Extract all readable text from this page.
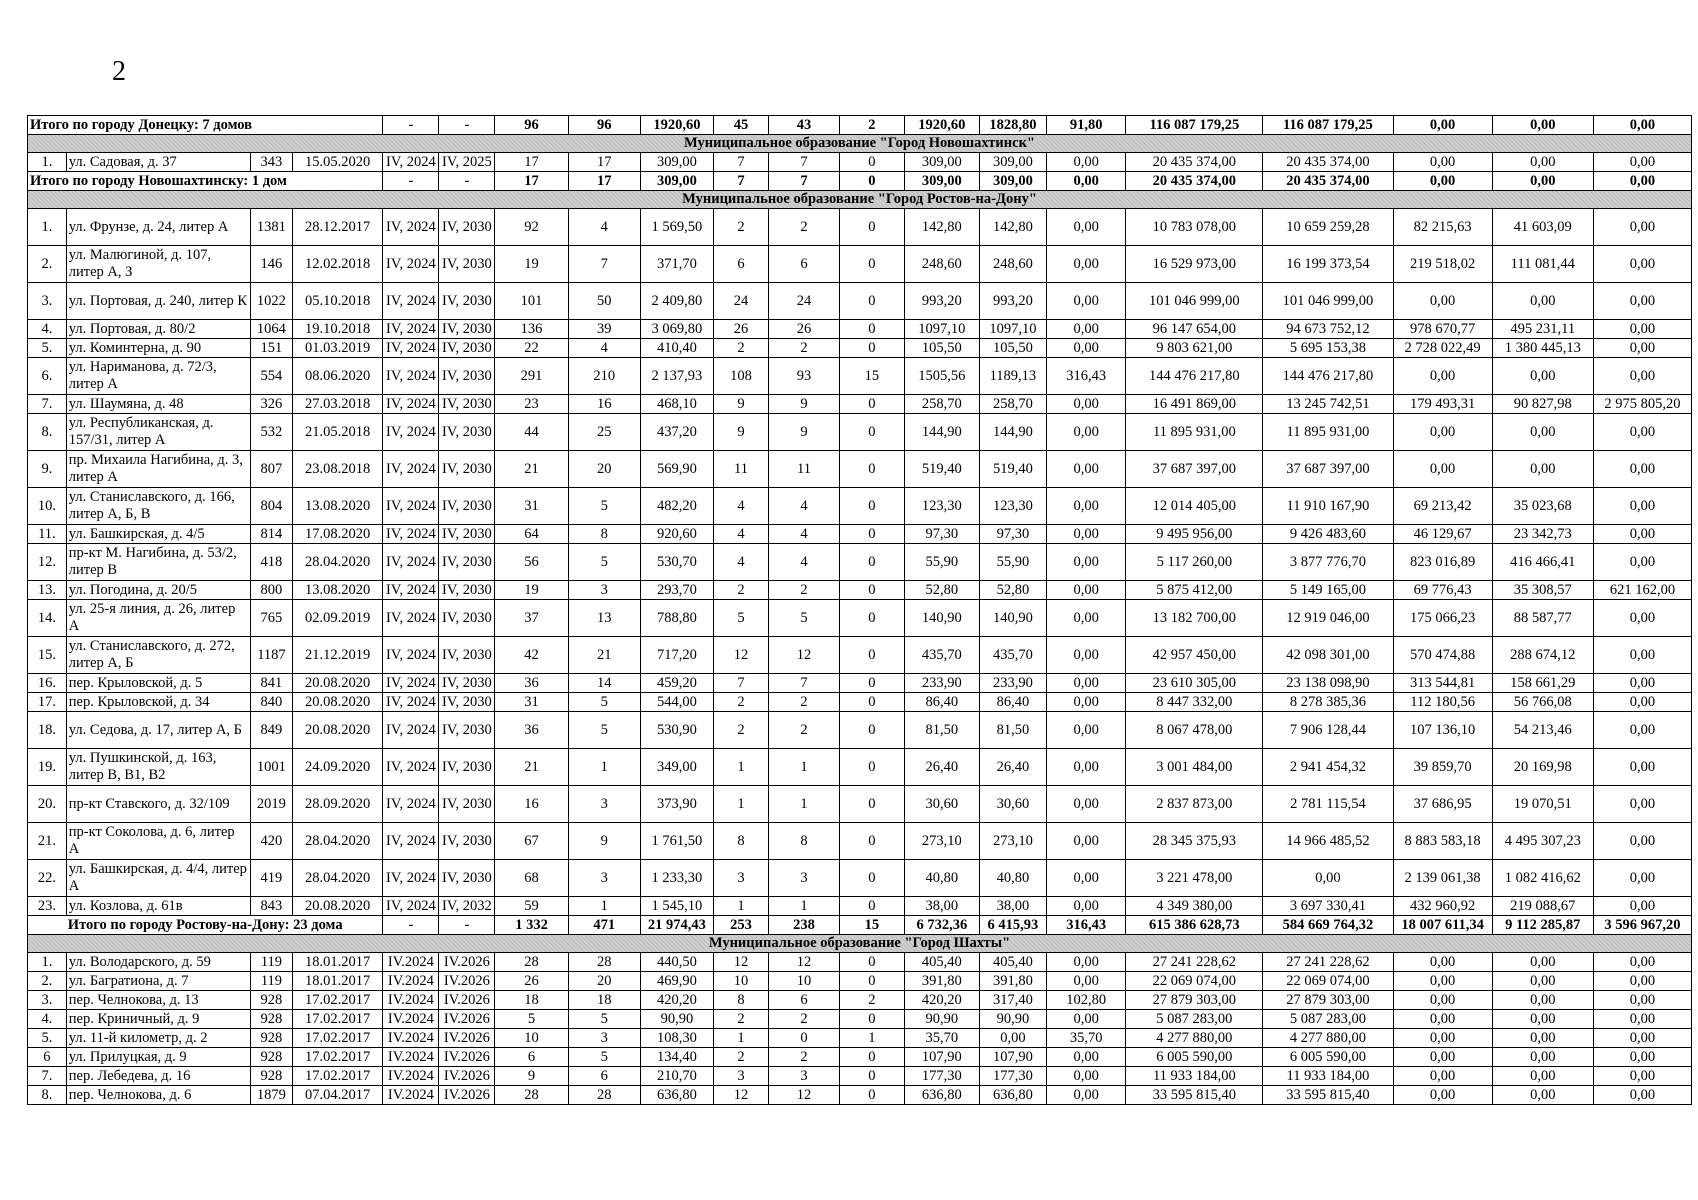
2
Итого по городу Донецку: 7 домов				-	-	96	96	1920,60	45	43	2	1920,60	1828,80	91,80	116 087 179,25	116 087 179,25	0,00	0,00	0,00
Муниципальное образование "Город Новошахтинск"																			
1.	ул. Садовая, д. 37	343	15.05.2020	IV, 2024	IV, 2025	17	17	309,00	7	7	0	309,00	309,00	0,00	20 435 374,00	20 435 374,00	0,00	0,00	0,00
Итого по городу Новошахтинску: 1 дом				-	-	17	17	309,00	7	7	0	309,00	309,00	0,00	20 435 374,00	20 435 374,00	0,00	0,00	0,00
Муниципальное образование "Город Ростов-на-Дону"																			
1.	ул. Фрунзе, д. 24, литер А	1381	28.12.2017	IV, 2024	IV, 2030	92	4	1 569,50	2	2	0	142,80	142,80	0,00	10 783 078,00	10 659 259,28	82 215,63	41 603,09	0,00
2.	ул. Малюгиной, д. 107, литер А, З	146	12.02.2018	IV, 2024	IV, 2030	19	7	371,70	6	6	0	248,60	248,60	0,00	16 529 973,00	16 199 373,54	219 518,02	111 081,44	0,00
3.	ул. Портовая, д. 240, литер К	1022	05.10.2018	IV, 2024	IV, 2030	101	50	2 409,80	24	24	0	993,20	993,20	0,00	101 046 999,00	101 046 999,00	0,00	0,00	0,00
4.	ул. Портовая, д. 80/2	1064	19.10.2018	IV, 2024	IV, 2030	136	39	3 069,80	26	26	0	1097,10	1097,10	0,00	96 147 654,00	94 673 752,12	978 670,77	495 231,11	0,00
5.	ул. Коминтерна, д. 90	151	01.03.2019	IV, 2024	IV, 2030	22	4	410,40	2	2	0	105,50	105,50	0,00	9 803 621,00	5 695 153,38	2 728 022,49	1 380 445,13	0,00
6.	ул. Нариманова, д. 72/3, литер А	554	08.06.2020	IV, 2024	IV, 2030	291	210	2 137,93	108	93	15	1505,56	1189,13	316,43	144 476 217,80	144 476 217,80	0,00	0,00	0,00
7.	ул. Шаумяна, д. 48	326	27.03.2018	IV, 2024	IV, 2030	23	16	468,10	9	9	0	258,70	258,70	0,00	16 491 869,00	13 245 742,51	179 493,31	90 827,98	2 975 805,20
8.	ул. Республиканская, д. 157/31, литер А	532	21.05.2018	IV, 2024	IV, 2030	44	25	437,20	9	9	0	144,90	144,90	0,00	11 895 931,00	11 895 931,00	0,00	0,00	0,00
9.	пр. Михаила Нагибина, д. 3, литер А	807	23.08.2018	IV, 2024	IV, 2030	21	20	569,90	11	11	0	519,40	519,40	0,00	37 687 397,00	37 687 397,00	0,00	0,00	0,00
10.	ул. Станиславского, д. 166, литер А, Б, В	804	13.08.2020	IV, 2024	IV, 2030	31	5	482,20	4	4	0	123,30	123,30	0,00	12 014 405,00	11 910 167,90	69 213,42	35 023,68	0,00
11.	ул. Башкирская, д. 4/5	814	17.08.2020	IV, 2024	IV, 2030	64	8	920,60	4	4	0	97,30	97,30	0,00	9 495 956,00	9 426 483,60	46 129,67	23 342,73	0,00
12.	пр-кт М. Нагибина, д. 53/2, литер В	418	28.04.2020	IV, 2024	IV, 2030	56	5	530,70	4	4	0	55,90	55,90	0,00	5 117 260,00	3 877 776,70	823 016,89	416 466,41	0,00
13.	ул. Погодина, д. 20/5	800	13.08.2020	IV, 2024	IV, 2030	19	3	293,70	2	2	0	52,80	52,80	0,00	5 875 412,00	5 149 165,00	69 776,43	35 308,57	621 162,00
14.	ул. 25-я линия, д. 26, литер А	765	02.09.2019	IV, 2024	IV, 2030	37	13	788,80	5	5	0	140,90	140,90	0,00	13 182 700,00	12 919 046,00	175 066,23	88 587,77	0,00
15.	ул. Станиславского, д. 272, литер А, Б	1187	21.12.2019	IV, 2024	IV, 2030	42	21	717,20	12	12	0	435,70	435,70	0,00	42 957 450,00	42 098 301,00	570 474,88	288 674,12	0,00
16.	пер. Крыловской, д. 5	841	20.08.2020	IV, 2024	IV, 2030	36	14	459,20	7	7	0	233,90	233,90	0,00	23 610 305,00	23 138 098,90	313 544,81	158 661,29	0,00
17.	пер. Крыловской, д. 34	840	20.08.2020	IV, 2024	IV, 2030	31	5	544,00	2	2	0	86,40	86,40	0,00	8 447 332,00	8 278 385,36	112 180,56	56 766,08	0,00
18.	ул. Седова, д. 17, литер А, Б	849	20.08.2020	IV, 2024	IV, 2030	36	5	530,90	2	2	0	81,50	81,50	0,00	8 067 478,00	7 906 128,44	107 136,10	54 213,46	0,00
19.	ул. Пушкинской, д. 163, литер В, В1, В2	1001	24.09.2020	IV, 2024	IV, 2030	21	1	349,00	1	1	0	26,40	26,40	0,00	3 001 484,00	2 941 454,32	39 859,70	20 169,98	0,00
20.	пр-кт Ставского, д. 32/109	2019	28.09.2020	IV, 2024	IV, 2030	16	3	373,90	1	1	0	30,60	30,60	0,00	2 837 873,00	2 781 115,54	37 686,95	19 070,51	0,00
21.	пр-кт Соколова, д. 6, литер А	420	28.04.2020	IV, 2024	IV, 2030	67	9	1 761,50	8	8	0	273,10	273,10	0,00	28 345 375,93	14 966 485,52	8 883 583,18	4 495 307,23	0,00
22.	ул. Башкирская, д. 4/4, литер А	419	28.04.2020	IV, 2024	IV, 2030	68	3	1 233,30	3	3	0	40,80	40,80	0,00	3 221 478,00	0,00	2 139 061,38	1 082 416,62	0,00
23.	ул. Козлова, д. 61в	843	20.08.2020	IV, 2024	IV, 2032	59	1	1 545,10	1	1	0	38,00	38,00	0,00	4 349 380,00	3 697 330,41	432 960,92	219 088,67	0,00
Итого по городу Ростову-на-Дону: 23 дома				-	-	1 332	471	21 974,43	253	238	15	6 732,36	6 415,93	316,43	615 386 628,73	584 669 764,32	18 007 611,34	9 112 285,87	3 596 967,20
Муниципальное образование "Город Шахты"																			
1.	ул. Володарского, д. 59	119	18.01.2017	IV.2024	IV.2026	28	28	440,50	12	12	0	405,40	405,40	0,00	27 241 228,62	27 241 228,62	0,00	0,00	0,00
2.	ул. Багратиона, д. 7	119	18.01.2017	IV.2024	IV.2026	26	20	469,90	10	10	0	391,80	391,80	0,00	22 069 074,00	22 069 074,00	0,00	0,00	0,00
3.	пер. Челнокова, д. 13	928	17.02.2017	IV.2024	IV.2026	18	18	420,20	8	6	2	420,20	317,40	102,80	27 879 303,00	27 879 303,00	0,00	0,00	0,00
4.	пер. Криничный, д. 9	928	17.02.2017	IV.2024	IV.2026	5	5	90,90	2	2	0	90,90	90,90	0,00	5 087 283,00	5 087 283,00	0,00	0,00	0,00
5.	ул. 11-й километр, д. 2	928	17.02.2017	IV.2024	IV.2026	10	3	108,30	1	0	1	35,70	0,00	35,70	4 277 880,00	4 277 880,00	0,00	0,00	0,00
6	ул. Прилуцкая, д. 9	928	17.02.2017	IV.2024	IV.2026	6	5	134,40	2	2	0	107,90	107,90	0,00	6 005 590,00	6 005 590,00	0,00	0,00	0,00
7.	пер. Лебедева, д. 16	928	17.02.2017	IV.2024	IV.2026	9	6	210,70	3	3	0	177,30	177,30	0,00	11 933 184,00	11 933 184,00	0,00	0,00	0,00
8.	пер. Челнокова, д. 6	1879	07.04.2017	IV.2024	IV.2026	28	28	636,80	12	12	0	636,80	636,80	0,00	33 595 815,40	33 595 815,40	0,00	0,00	0,00
